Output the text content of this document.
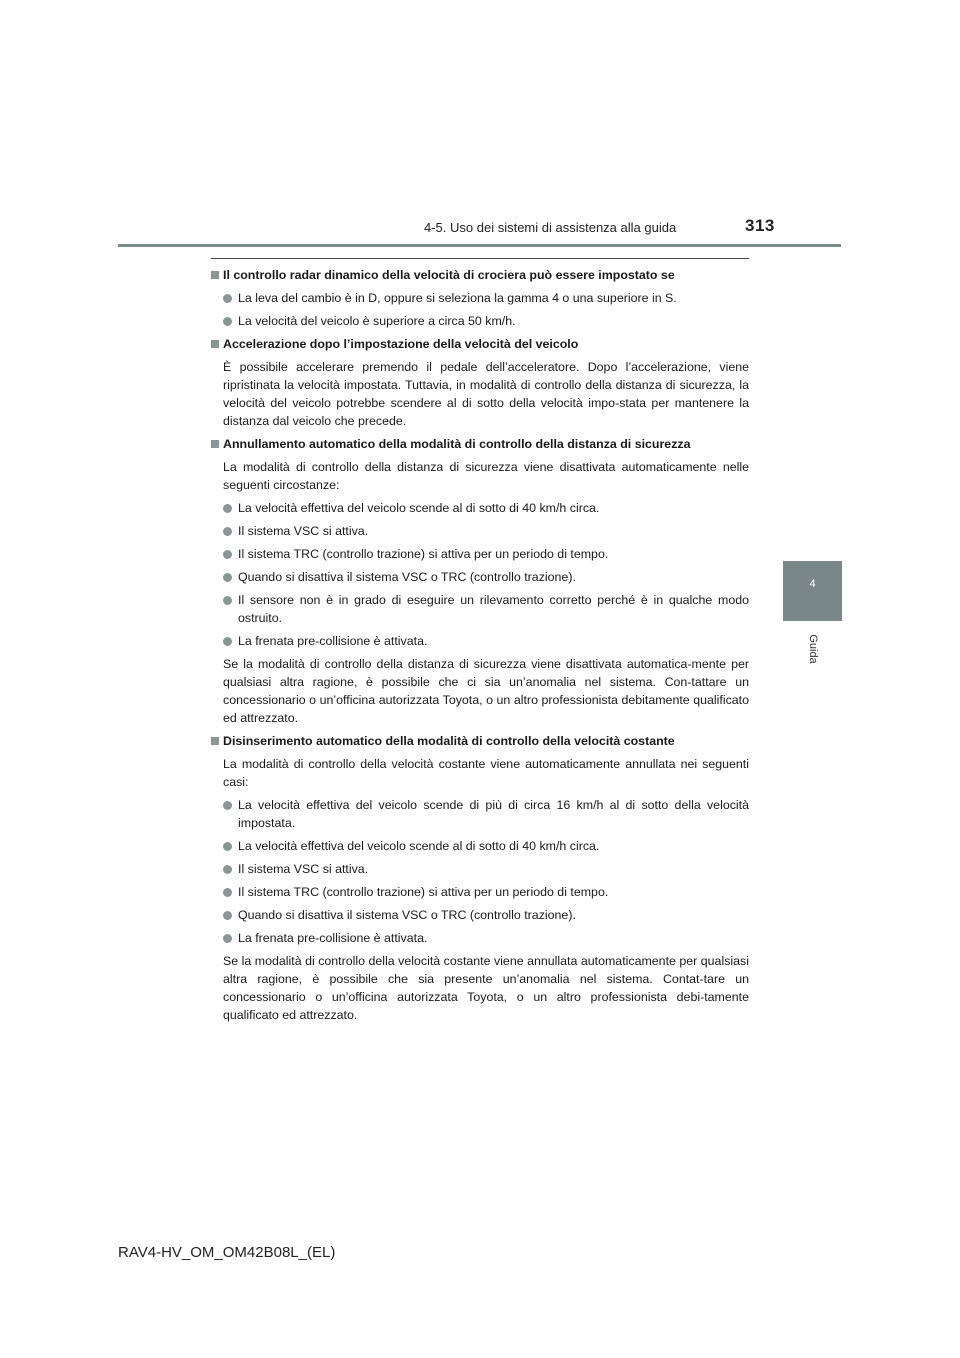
4-5. Uso dei sistemi di assistenza alla guida	313
4
Guida
Il controllo radar dinamico della velocità di crociera può essere impostato se
La leva del cambio è in D, oppure si seleziona la gamma 4 o una superiore in S.
La velocità del veicolo è superiore a circa 50 km/h.
Accelerazione dopo l’impostazione della velocità del veicolo
È possibile accelerare premendo il pedale dell’acceleratore. Dopo l’accelerazione, viene ripristinata la velocità impostata. Tuttavia, in modalità di controllo della distanza di sicurezza, la velocità del veicolo potrebbe scendere al di sotto della velocità impo-stata per mantenere la distanza dal veicolo che precede.
Annullamento automatico della modalità di controllo della distanza di sicurezza
La modalità di controllo della distanza di sicurezza viene disattivata automaticamente nelle seguenti circostanze:
La velocità effettiva del veicolo scende al di sotto di 40 km/h circa.
Il sistema VSC si attiva.
Il sistema TRC (controllo trazione) si attiva per un periodo di tempo.
Quando si disattiva il sistema VSC o TRC (controllo trazione).
Il sensore non è in grado di eseguire un rilevamento corretto perché è in qualche modo ostruito.
La frenata pre-collisione è attivata.
Se la modalità di controllo della distanza di sicurezza viene disattivata automatica-mente per qualsiasi altra ragione, è possibile che ci sia un’anomalia nel sistema. Con-tattare un concessionario o un’officina autorizzata Toyota, o un altro professionista debitamente qualificato ed attrezzato.
Disinserimento automatico della modalità di controllo della velocità costante
La modalità di controllo della velocità costante viene automaticamente annullata nei seguenti casi:
La velocità effettiva del veicolo scende di più di circa 16 km/h al di sotto della velocità impostata.
La velocità effettiva del veicolo scende al di sotto di 40 km/h circa.
Il sistema VSC si attiva.
Il sistema TRC (controllo trazione) si attiva per un periodo di tempo.
Quando si disattiva il sistema VSC o TRC (controllo trazione).
La frenata pre-collisione è attivata.
Se la modalità di controllo della velocità costante viene annullata automaticamente per qualsiasi altra ragione, è possibile che sia presente un’anomalia nel sistema. Contat-tare un concessionario o un’officina autorizzata Toyota, o un altro professionista debi-tamente qualificato ed attrezzato.
RAV4-HV_OM_OM42B08L_(EL)
